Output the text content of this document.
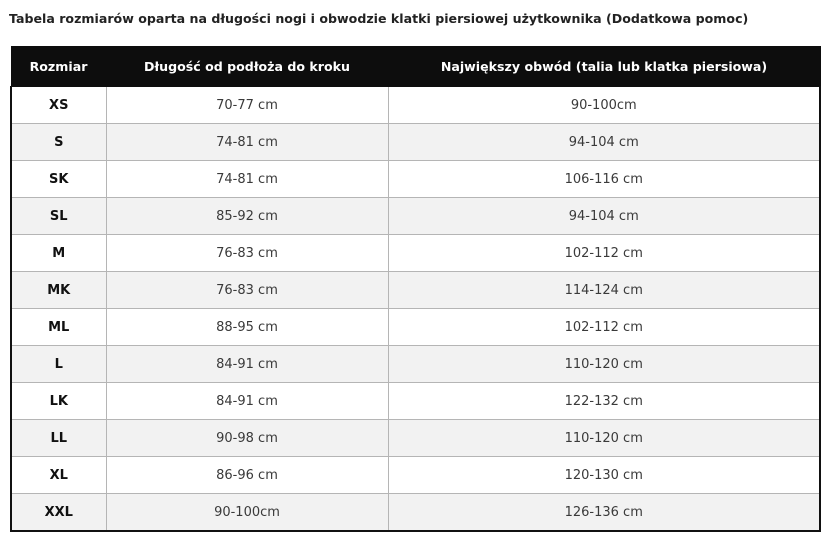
Tabela rozmiarów oparta na długości nogi i obwodzie klatki piersiowej użytkownika (Dodatkowa pomoc)
Rozmiar	Długość od podłoża do kroku	Największy obwód (talia lub klatka piersiowa)
XS	70-77 cm	90-100cm
S	74-81 cm	94-104 cm
SK	74-81 cm	106-116 cm
SL	85-92 cm	94-104 cm
M	76-83 cm	102-112 cm
MK	76-83 cm	114-124 cm
ML	88-95 cm	102-112 cm
L	84-91 cm	110-120 cm
LK	84-91 cm	122-132 cm
LL	90-98 cm	110-120 cm
XL	86-96 cm	120-130 cm
XXL	90-100cm	126-136 cm
